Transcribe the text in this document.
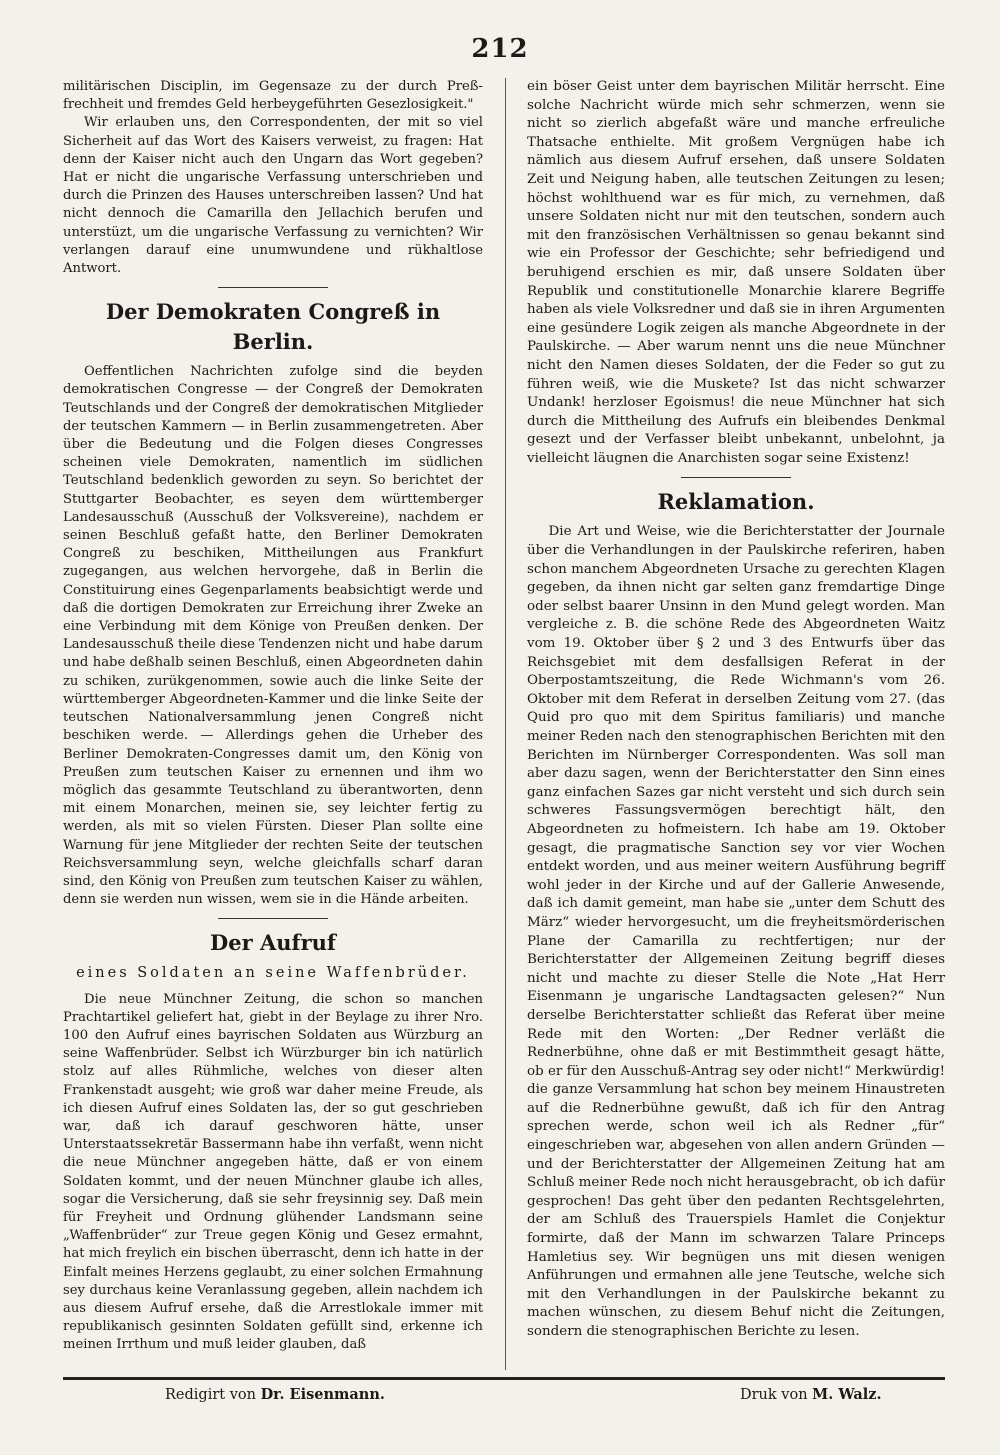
212

militärischen Disciplin, im Gegensaze zu der durch Preß-frechheit und fremdes Geld herbeygeführten Gesezlosigkeit."

Wir erlauben uns, den Correspondenten, der mit so viel Sicherheit auf das Wort des Kaisers verweist, zu fragen: Hat denn der Kaiser nicht auch den Ungarn das Wort gegeben? Hat er nicht die ungarische Verfassung unterschrieben und durch die Prinzen des Hauses unterschreiben lassen? Und hat nicht dennoch die Camarilla den Jellachich berufen und unterstüzt, um die ungarische Verfassung zu vernichten? Wir verlangen darauf eine unumwundene und rükhaltlose Antwort.

Der Demokraten Congreß in Berlin.

Oeffentlichen Nachrichten zufolge sind die beyden demokratischen Congresse — der Congreß der Demokraten Teutschlands und der Congreß der demokratischen Mitglieder der teutschen Kammern — in Berlin zusammengetreten. Aber über die Bedeutung und die Folgen dieses Congresses scheinen viele Demokraten, namentlich im südlichen Teutschland bedenklich geworden zu seyn. So berichtet der Stuttgarter Beobachter, es seyen dem württemberger Landesausschuß (Ausschuß der Volksvereine), nachdem er seinen Beschluß gefaßt hatte, den Berliner Demokraten Congreß zu beschiken, Mittheilungen aus Frankfurt zugegangen, aus welchen hervorgehe, daß in Berlin die Constituirung eines Gegenparlaments beabsichtigt werde und daß die dortigen Demokraten zur Erreichung ihrer Zweke an eine Verbindung mit dem Könige von Preußen denken. Der Landesausschuß theile diese Tendenzen nicht und habe darum und habe deßhalb seinen Beschluß, einen Abgeordneten dahin zu schiken, zurükgenommen, sowie auch die linke Seite der württemberger Abgeordneten-Kammer und die linke Seite der teutschen Nationalversammlung jenen Congreß nicht beschiken werde. — Allerdings gehen die Urheber des Berliner Demokraten-Congresses damit um, den König von Preußen zum teutschen Kaiser zu ernennen und ihm wo möglich das gesammte Teutschland zu überantworten, denn mit einem Monarchen, meinen sie, sey leichter fertig zu werden, als mit so vielen Fürsten. Dieser Plan sollte eine Warnung für jene Mitglieder der rechten Seite der teutschen Reichsversammlung seyn, welche gleichfalls scharf daran sind, den König von Preußen zum teutschen Kaiser zu wählen, denn sie werden nun wissen, wem sie in die Hände arbeiten.

Der Aufruf
eines Soldaten an seine Waffenbrüder.

Die neue Münchner Zeitung, die schon so manchen Prachtartikel geliefert hat, giebt in der Beylage zu ihrer Nro. 100 den Aufruf eines bayrischen Soldaten aus Würzburg an seine Waffenbrüder. Selbst ich Würzburger bin ich natürlich stolz auf alles Rühmliche, welches von dieser alten Frankenstadt ausgeht; wie groß war daher meine Freude, als ich diesen Aufruf eines Soldaten las, der so gut geschrieben war, daß ich darauf geschworen hätte, unser Unterstaatssekretär Bassermann habe ihn verfaßt, wenn nicht die neue Münchner angegeben hätte, daß er von einem Soldaten kommt, und der neuen Münchner glaube ich alles, sogar die Versicherung, daß sie sehr freysinnig sey. Daß mein für Freyheit und Ordnung glühender Landsmann seine „Waffenbrüder“ zur Treue gegen König und Gesez ermahnt, hat mich freylich ein bischen überrascht, denn ich hatte in der Einfalt meines Herzens geglaubt, zu einer solchen Ermahnung sey durchaus keine Veranlassung gegeben, allein nachdem ich aus diesem Aufruf ersehe, daß die Arrestlokale immer mit republikanisch gesinnten Soldaten gefüllt sind, erkenne ich meinen Irrthum und muß leider glauben, daß

ein böser Geist unter dem bayrischen Militär herrscht. Eine solche Nachricht würde mich sehr schmerzen, wenn sie nicht so zierlich abgefaßt wäre und manche erfreuliche Thatsache enthielte. Mit großem Vergnügen habe ich nämlich aus diesem Aufruf ersehen, daß unsere Soldaten Zeit und Neigung haben, alle teutschen Zeitungen zu lesen; höchst wohlthuend war es für mich, zu vernehmen, daß unsere Soldaten nicht nur mit den teutschen, sondern auch mit den französischen Verhältnissen so genau bekannt sind wie ein Professor der Geschichte; sehr befriedigend und beruhigend erschien es mir, daß unsere Soldaten über Republik und constitutionelle Monarchie klarere Begriffe haben als viele Volksredner und daß sie in ihren Argumenten eine gesündere Logik zeigen als manche Abgeordnete in der Paulskirche. — Aber warum nennt uns die neue Münchner nicht den Namen dieses Soldaten, der die Feder so gut zu führen weiß, wie die Muskete? Ist das nicht schwarzer Undank! herzloser Egoismus! die neue Münchner hat sich durch die Mittheilung des Aufrufs ein bleibendes Denkmal gesezt und der Verfasser bleibt unbekannt, unbelohnt, ja vielleicht läugnen die Anarchisten sogar seine Existenz!

Reklamation.

Die Art und Weise, wie die Berichterstatter der Journale über die Verhandlungen in der Paulskirche referiren, haben schon manchem Abgeordneten Ursache zu gerechten Klagen gegeben, da ihnen nicht gar selten ganz fremdartige Dinge oder selbst baarer Unsinn in den Mund gelegt worden. Man vergleiche z. B. die schöne Rede des Abgeordneten Waitz vom 19. Oktober über § 2 und 3 des Entwurfs über das Reichsgebiet mit dem desfallsigen Referat in der Oberpostamtszeitung, die Rede Wichmann's vom 26. Oktober mit dem Referat in derselben Zeitung vom 27. (das Quid pro quo mit dem Spiritus familiaris) und manche meiner Reden nach den stenographischen Berichten mit den Berichten im Nürnberger Correspondenten. Was soll man aber dazu sagen, wenn der Berichterstatter den Sinn eines ganz einfachen Sazes gar nicht versteht und sich durch sein schweres Fassungsvermögen berechtigt hält, den Abgeordneten zu hofmeistern. Ich habe am 19. Oktober gesagt, die pragmatische Sanction sey vor vier Wochen entdekt worden, und aus meiner weitern Ausführung begriff wohl jeder in der Kirche und auf der Gallerie Anwesende, daß ich damit gemeint, man habe sie „unter dem Schutt des März“ wieder hervorgesucht, um die freyheitsmörderischen Plane der Camarilla zu rechtfertigen; nur der Berichterstatter der Allgemeinen Zeitung begriff dieses nicht und machte zu dieser Stelle die Note „Hat Herr Eisenmann je ungarische Landtagsacten gelesen?“ Nun derselbe Berichterstatter schließt das Referat über meine Rede mit den Worten: „Der Redner verläßt die Rednerbühne, ohne daß er mit Bestimmtheit gesagt hätte, ob er für den Ausschuß-Antrag sey oder nicht!“ Merkwürdig! die ganze Versammlung hat schon bey meinem Hinaustreten auf die Rednerbühne gewußt, daß ich für den Antrag sprechen werde, schon weil ich als Redner „für“ eingeschrieben war, abgesehen von allen andern Gründen — und der Berichterstatter der Allgemeinen Zeitung hat am Schluß meiner Rede noch nicht herausgebracht, ob ich dafür gesprochen! Das geht über den pedanten Rechtsgelehrten, der am Schluß des Trauerspiels Hamlet die Conjektur formirte, daß der Mann im schwarzen Talare Princeps Hamletius sey. Wir begnügen uns mit diesen wenigen Anführungen und ermahnen alle jene Teutsche, welche sich mit den Verhandlungen in der Paulskirche bekannt zu machen wünschen, zu diesem Behuf nicht die Zeitungen, sondern die stenographischen Berichte zu lesen.

Redigirt von Dr. Eisenmann.	Druk von M. Walz.
